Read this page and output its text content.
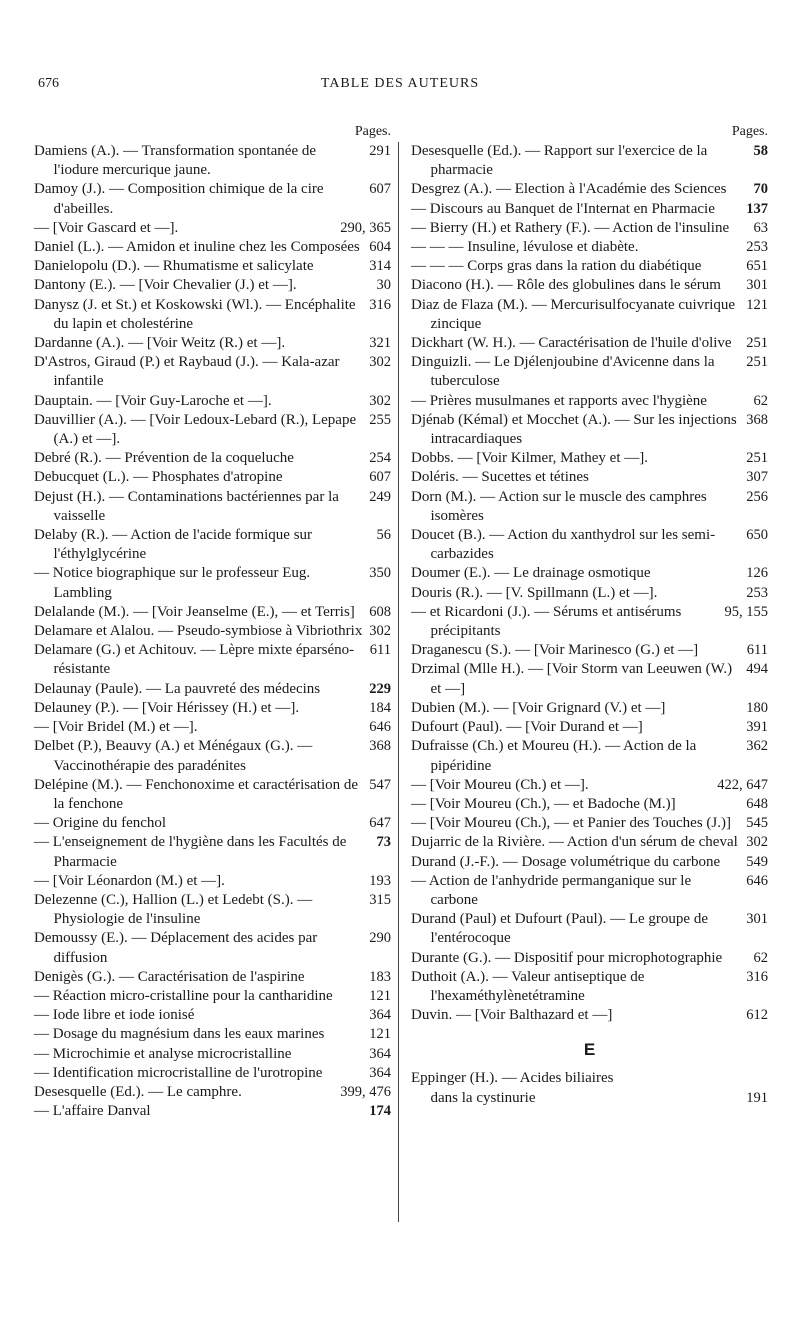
676	TABLE DES AUTEURS
Pages.

291
Damiens (A.). — Transformation spontanée de l'iodure mercurique jaune.

607
Damoy (J.). — Composition chimique de la cire d'abeilles.

290, 365
— [Voir Gascard et —].

604
Daniel (L.). — Amidon et inuline chez les Composées

314
Danielopolu (D.). — Rhumatisme et salicylate

30
Dantony (E.). — [Voir Chevalier (J.) et —].

316
Danysz (J. et St.) et Koskowski (Wl.). — Encéphalite du lapin et cholestérine

321
Dardanne (A.). — [Voir Weitz (R.) et —].

302
D'Astros, Giraud (P.) et Raybaud (J.). — Kala-azar infantile

302
Dauptain. — [Voir Guy-Laroche et —].

255
Dauvillier (A.). — [Voir Ledoux-Lebard (R.), Lepape (A.) et —].

254
Debré (R.). — Prévention de la coqueluche

607
Debucquet (L.). — Phosphates d'atropine

249
Dejust (H.). — Contaminations bactériennes par la vaisselle

56
Delaby (R.). — Action de l'acide formique sur l'éthylglycérine

350
— Notice biographique sur le professeur Eug. Lambling

608
Delalande (M.). — [Voir Jeanselme (E.), — et Terris]

302
Delamare et Alalou. — Pseudo-symbiose à Vibriothrix

611
Delamare (G.) et Achitouv. — Lèpre mixte éparséno-résistante

229
Delaunay (Paule). — La pauvreté des médecins

184
Delauney (P.). — [Voir Hérissey (H.) et —].

646
— [Voir Bridel (M.) et —].

368
Delbet (P.), Beauvy (A.) et Ménégaux (G.). — Vaccinothérapie des paradénites

547
Delépine (M.). — Fenchonoxime et caractérisation de la fenchone

647
— Origine du fenchol

73
— L'enseignement de l'hygiène dans les Facultés de Pharmacie

193
— [Voir Léonardon (M.) et —].

315
Delezenne (C.), Hallion (L.) et Ledebt (S.). — Physiologie de l'insuline

290
Demoussy (E.). — Déplacement des acides par diffusion

183
Denigès (G.). — Caractérisation de l'aspirine

121
— Réaction micro-cristalline pour la cantharidine

364
— Iode libre et iode ionisé

121
— Dosage du magnésium dans les eaux marines

364
— Microchimie et analyse microcristalline

364
— Identification microcristalline de l'urotropine

399, 476
Desesquelle (Ed.). — Le camphre.

174
— L'affaire Danval

Pages.

58
Desesquelle (Ed.). — Rapport sur l'exercice de la pharmacie

70
Desgrez (A.). — Election à l'Académie des Sciences

137
— Discours au Banquet de l'Internat en Pharmacie

63
— Bierry (H.) et Rathery (F.). — Action de l'insuline

253
— — — Insuline, lévulose et diabète.

651
— — — Corps gras dans la ration du diabétique

301
Diacono (H.). — Rôle des globulines dans le sérum

121
Diaz de Flaza (M.). — Mercurisulfocyanate cuivrique zincique

251
Dickhart (W. H.). — Caractérisation de l'huile d'olive

251
Dinguizli. — Le Djélenjoubine d'Avicenne dans la tuberculose

62
— Prières musulmanes et rapports avec l'hygiène

368
Djénab (Kémal) et Mocchet (A.). — Sur les injections intracardiaques

251
Dobbs. — [Voir Kilmer, Mathey et —].

307
Doléris. — Sucettes et tétines

256
Dorn (M.). — Action sur le muscle des camphres isomères

650
Doucet (B.). — Action du xanthydrol sur les semi-carbazides

126
Doumer (E.). — Le drainage osmotique

253
Douris (R.). — [V. Spillmann (L.) et —].

95, 155
— et Ricardoni (J.). — Sérums et antisérums précipitants

611
Draganescu (S.). — [Voir Marinesco (G.) et —]

494
Drzimal (Mlle H.). — [Voir Storm van Leeuwen (W.) et —]

180
Dubien (M.). — [Voir Grignard (V.) et —]

391
Dufourt (Paul). — [Voir Durand et —]

362
Dufraisse (Ch.) et Moureu (H.). — Action de la pipéridine

422, 647
— [Voir Moureu (Ch.) et —].

648
— [Voir Moureu (Ch.), — et Badoche (M.)]

545
— [Voir Moureu (Ch.), — et Panier des Touches (J.)]

302
Dujarric de la Rivière. — Action d'un sérum de cheval

549
Durand (J.-F.). — Dosage volumétrique du carbone

646
— Action de l'anhydride permanganique sur le carbone

301
Durand (Paul) et Dufourt (Paul). — Le groupe de l'entérocoque

62
Durante (G.). — Dispositif pour microphotographie

316
Duthoit (A.). — Valeur antiseptique de l'hexaméthylènetétramine

612
Duvin. — [Voir Balthazard et —]

E
Eppinger (H.). — Acides biliaires
191
dans la cystinurie
